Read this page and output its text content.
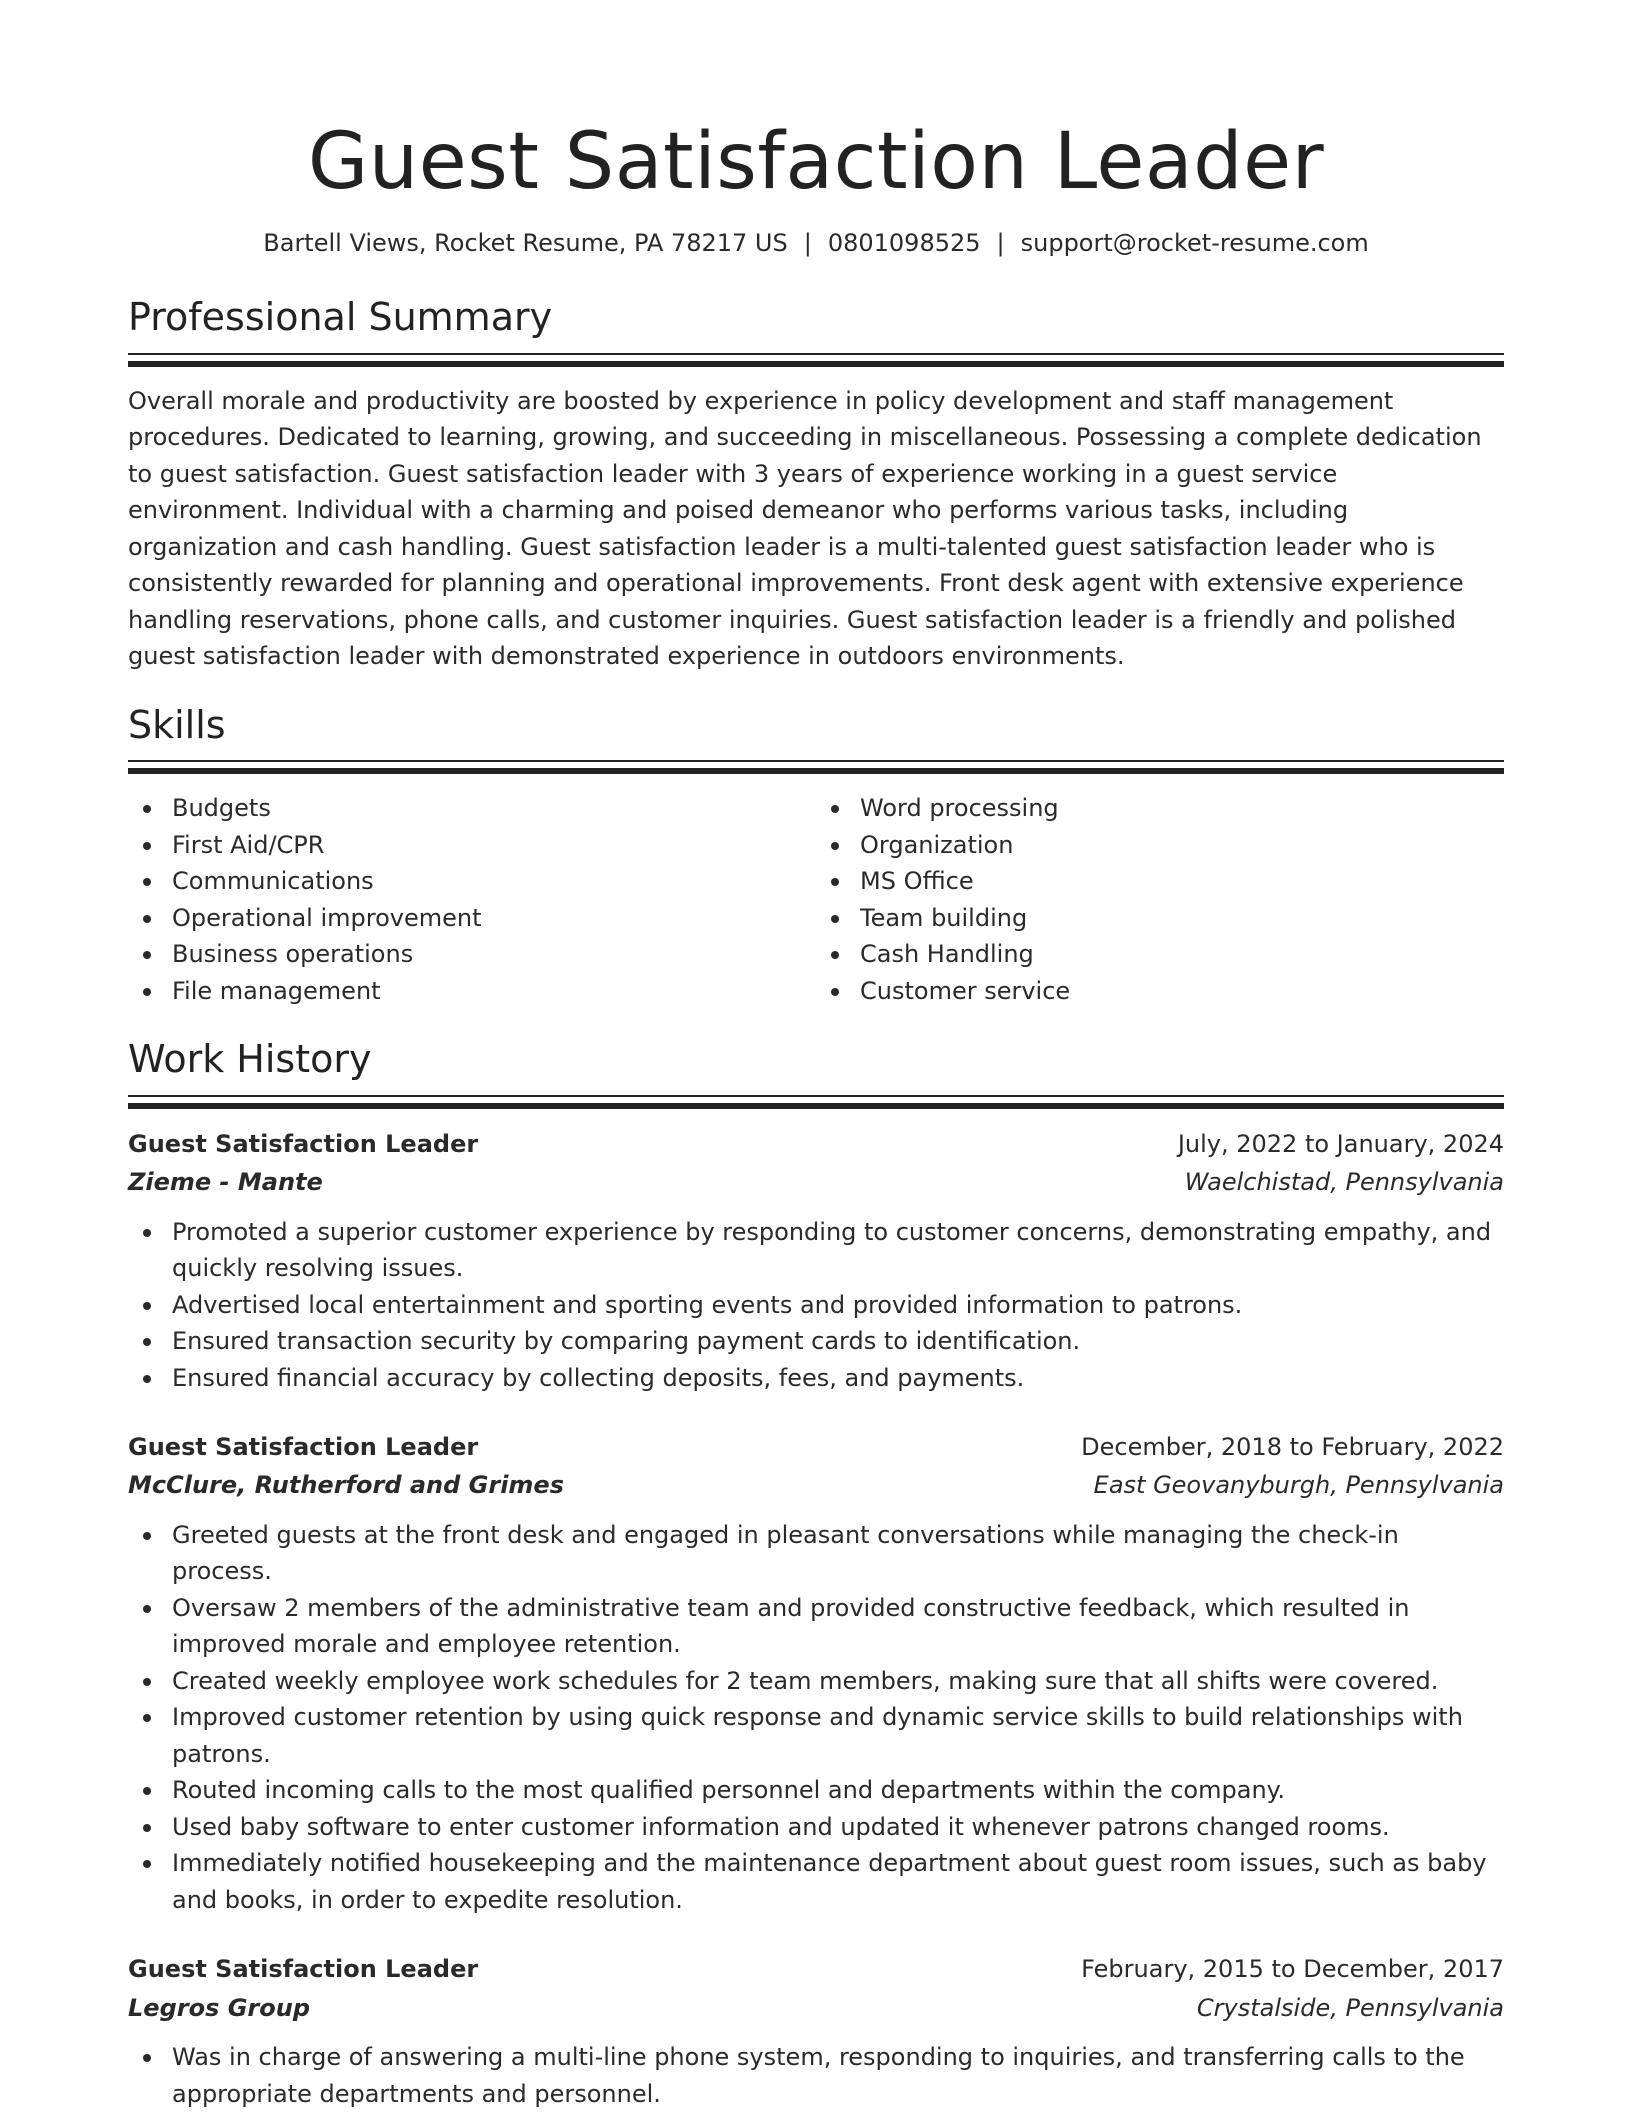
Guest Satisfaction Leader
Bartell Views, Rocket Resume, PA 78217 US | 0801098525 | support@rocket-resume.com
Professional Summary

Overall morale and productivity are boosted by experience in policy development and staff management procedures. Dedicated to learning, growing, and succeeding in miscellaneous. Possessing a complete dedication to guest satisfaction. Guest satisfaction leader with 3 years of experience working in a guest service environment. Individual with a charming and poised demeanor who performs various tasks, including organization and cash handling. Guest satisfaction leader is a multi-talented guest satisfaction leader who is consistently rewarded for planning and operational improvements. Front desk agent with extensive experience handling reservations, phone calls, and customer inquiries. Guest satisfaction leader is a friendly and polished guest satisfaction leader with demonstrated experience in outdoors environments.

Skills
Budgets
First Aid/CPR
Communications
Operational improvement
Business operations
File management
Word processing
Organization
MS Office
Team building
Cash Handling
Customer service
Work History
Guest Satisfaction Leader	July, 2022 to January, 2024
Zieme - Mante	Waelchistad, Pennsylvania
Promoted a superior customer experience by responding to customer concerns, demonstrating empathy, and quickly resolving issues.
Advertised local entertainment and sporting events and provided information to patrons.
Ensured transaction security by comparing payment cards to identification.
Ensured financial accuracy by collecting deposits, fees, and payments.
Guest Satisfaction Leader	December, 2018 to February, 2022
McClure, Rutherford and Grimes	East Geovanyburgh, Pennsylvania
Greeted guests at the front desk and engaged in pleasant conversations while managing the check-in process.
Oversaw 2 members of the administrative team and provided constructive feedback, which resulted in improved morale and employee retention.
Created weekly employee work schedules for 2 team members, making sure that all shifts were covered.
Improved customer retention by using quick response and dynamic service skills to build relationships with patrons.
Routed incoming calls to the most qualified personnel and departments within the company.
Used baby software to enter customer information and updated it whenever patrons changed rooms.
Immediately notified housekeeping and the maintenance department about guest room issues, such as baby and books, in order to expedite resolution.
Guest Satisfaction Leader	February, 2015 to December, 2017
Legros Group	Crystalside, Pennsylvania
Was in charge of answering a multi-line phone system, responding to inquiries, and transferring calls to the appropriate departments and personnel.
